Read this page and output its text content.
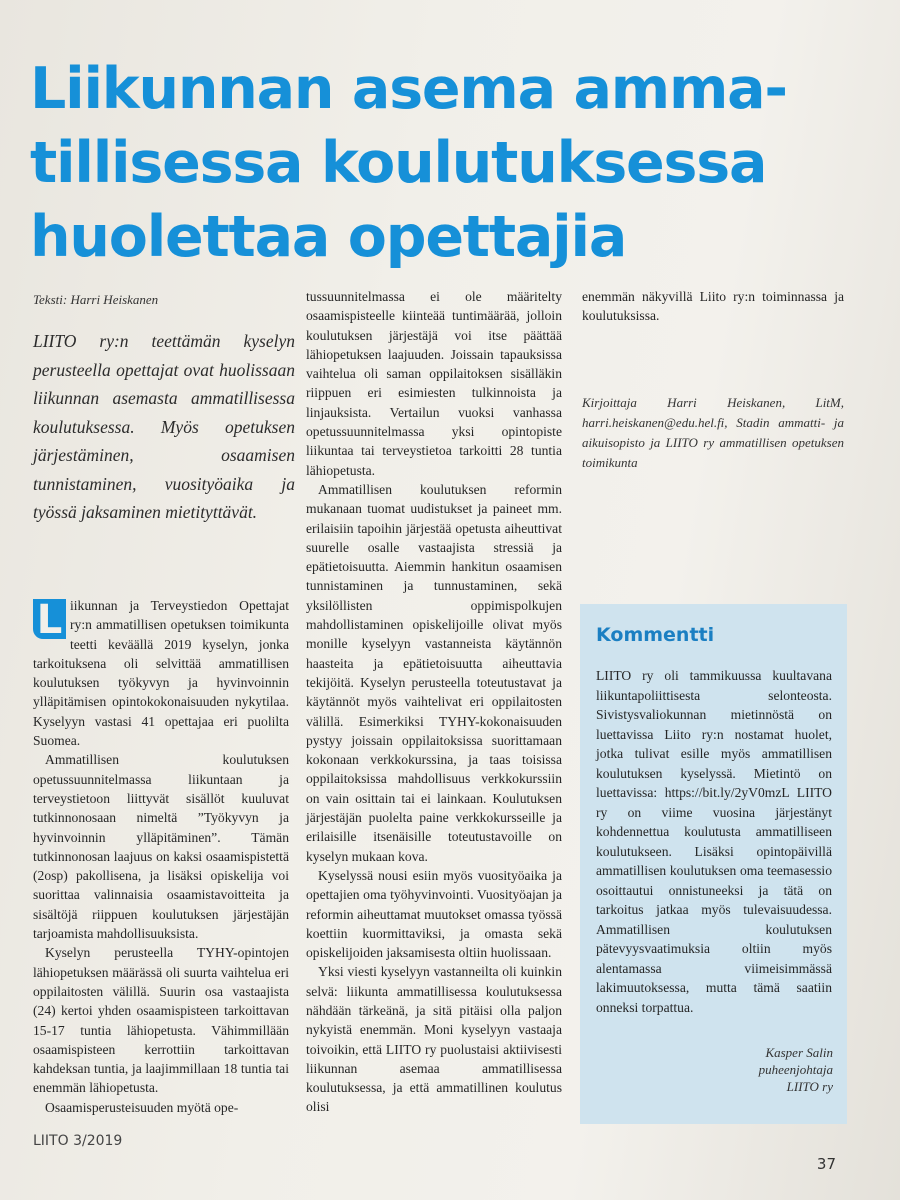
Liikunnan asema amma-
tillisessa koulutuksessa
huolettaa opettajia
Teksti: Harri Heiskanen
LIITO ry:n teettämän kyselyn perusteella opettajat ovat huolissaan liikunnan asemasta ammatillisessa koulutuksessa. Myös opetuksen järjestäminen, osaamisen tunnistaminen, vuosityöaika ja työssä jaksaminen mietityttävät.

L iikunnan ja Terveystiedon Opettajat ry:n ammatillisen opetuksen toimikunta teetti keväällä 2019 kyselyn, jonka tarkoituksena oli selvittää ammatillisen koulutuksen työkyvyn ja hyvinvoinnin ylläpitämisen opintokokonaisuuden nykytilaa. Kyselyyn vastasi 41 opettajaa eri puolilta Suomea.

Ammatillisen koulutuksen opetussuunnitelmassa liikuntaan ja terveystietoon liittyvät sisällöt kuuluvat tutkinnonosaan nimeltä ”Työkyvyn ja hyvinvoinnin ylläpitäminen”. Tämän tutkinnonosan laajuus on kaksi osaamispistettä (2osp) pakollisena, ja lisäksi opiskelija voi suorittaa valinnaisia osaamistavoitteita ja sisältöjä riippuen koulutuksen järjestäjän tarjoamista mahdollisuuksista.

Kyselyn perusteella TYHY-opintojen lähiopetuksen määrässä oli suurta vaihtelua eri oppilaitosten välillä. Suurin osa vastaajista (24) kertoi yhden osaamispisteen tarkoittavan 15-17 tuntia lähiopetusta. Vähimmillään osaamispisteen kerrottiin tarkoittavan kahdeksan tuntia, ja laajimmillaan 18 tuntia tai enemmän lähiopetusta.

Osaamisperusteisuuden myötä ope-

tussuunnitelmassa ei ole määritelty osaamispisteelle kiinteää tuntimäärää, jolloin koulutuksen järjestäjä voi itse päättää lähiopetuksen laajuuden. Joissain tapauksissa vaihtelua oli saman oppilaitoksen sisälläkin riippuen eri esimiesten tulkinnoista ja linjauksista. Vertailun vuoksi vanhassa opetussuunnitelmassa yksi opintopiste liikuntaa tai terveystietoa tarkoitti 28 tuntia lähiopetusta.

Ammatillisen koulutuksen reformin mukanaan tuomat uudistukset ja paineet mm. erilaisiin tapoihin järjestää opetusta aiheuttivat suurelle osalle vastaajista stressiä ja epätietoisuutta. Aiemmin hankitun osaamisen tunnistaminen ja tunnustaminen, sekä yksilöllisten oppimispolkujen mahdollistaminen opiskelijoille olivat myös monille kyselyyn vastanneista käytännön haasteita ja epätietoisuutta aiheuttavia tekijöitä. Kyselyn perusteella toteutustavat ja käytännöt myös vaihtelivat eri oppilaitosten välillä. Esimerkiksi TYHY-kokonaisuuden pystyy joissain oppilaitoksissa suorittamaan kokonaan verkkokurssina, ja taas toisissa oppilaitoksissa mahdollisuus verkkokurssiin on vain osittain tai ei lainkaan. Koulutuksen järjestäjän puolelta paine verkkokursseille ja erilaisille itsenäisille toteutustavoille on kyselyn mukaan kova.

Kyselyssä nousi esiin myös vuosityöaika ja opettajien oma työhyvinvointi. Vuosityöajan ja reformin aiheuttamat muutokset omassa työssä koettiin kuormittaviksi, ja omasta sekä opiskelijoiden jaksamisesta oltiin huolissaan.

Yksi viesti kyselyyn vastanneilta oli kuinkin selvä: liikunta ammatillisessa koulutuksessa nähdään tärkeänä, ja sitä pitäisi olla paljon nykyistä enemmän. Moni kyselyyn vastaaja toivoikin, että LIITO ry puolustaisi aktiivisesti liikunnan asemaa ammatillisessa koulutuksessa, ja että ammatillinen koulutus olisi

enemmän näkyvillä Liito ry:n toiminnassa ja koulutuksissa.

Kirjoittaja Harri Heiskanen, LitM, harri.heiskanen@edu.hel.fi, Stadin ammatti- ja aikuisopisto ja LIITO ry ammatillisen opetuksen toimikunta
Kommentti
LIITO ry oli tammikuussa kuultavana liikuntapoliittisesta selonteosta. Sivistysvaliokunnan mietinnöstä on luettavissa Liito ry:n nostamat huolet, jotka tulivat esille myös ammatillisen koulutuksen kyselyssä. Mietintö on luettavissa: https://bit.ly/2yV0mzL LIITO ry on viime vuosina järjestänyt kohdennettua koulutusta ammatilliseen koulutukseen. Lisäksi opintopäivillä ammatillisen koulutuksen oma teemasessio osoittautui onnistuneeksi ja tätä on tarkoitus jatkaa myös tulevaisuudessa. Ammatillisen koulutuksen pätevyysvaatimuksia oltiin myös alentamassa viimeisimmässä lakimuutoksessa, mutta tämä saatiin onneksi torpattua.
Kasper Salin
puheenjohtaja
LIITO ry
LIITO 3/2019
37
